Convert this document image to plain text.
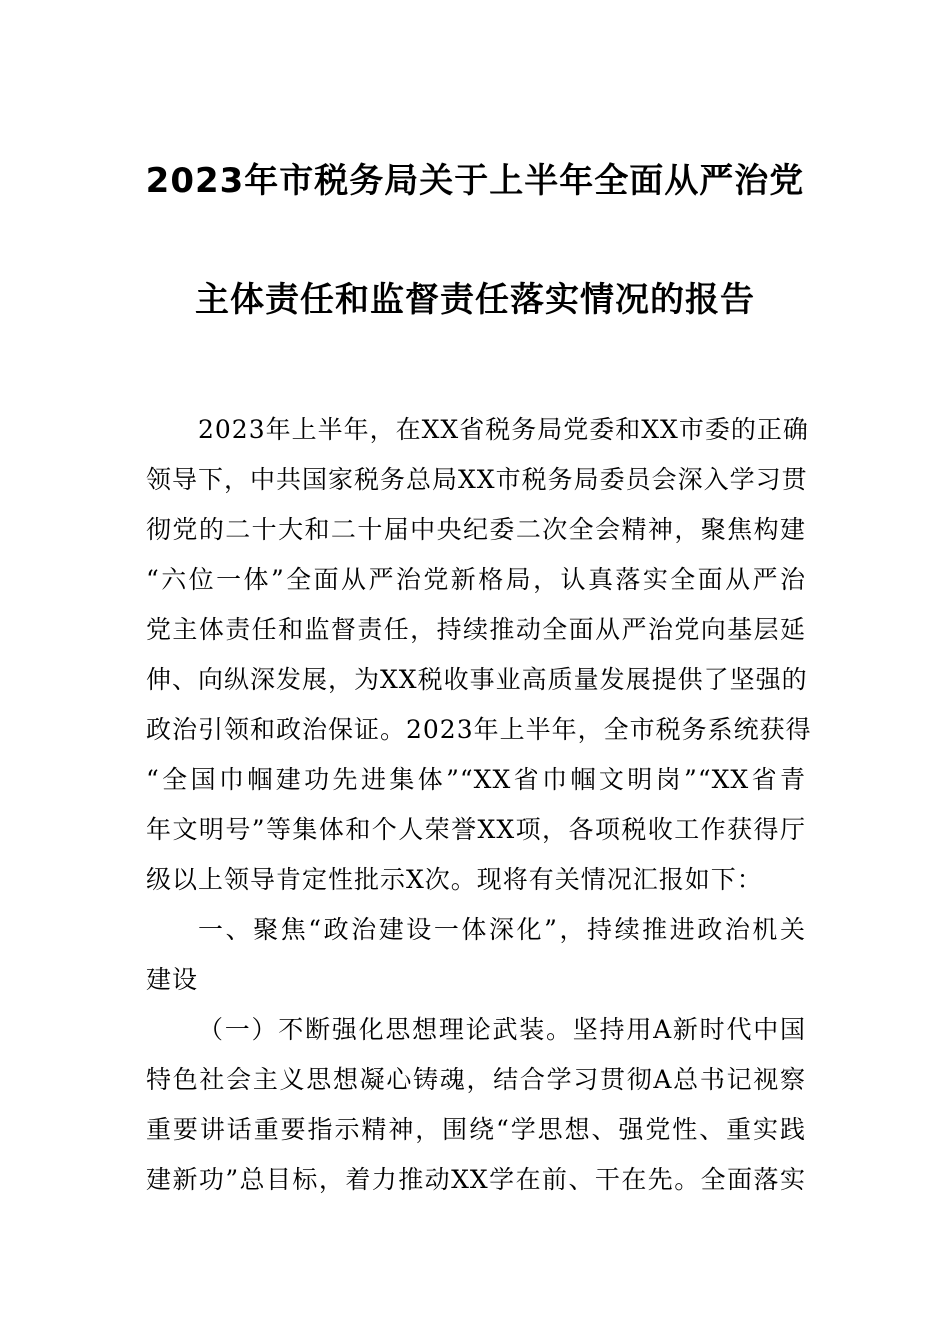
2023年市税务局关于上半年全面从严治党
主体责任和监督责任落实情况的报告
2023年上半年，在XX省税务局党委和XX市委的正确
领导下，中共国家税务总局XX市税务局委员会深入学习贯
彻党的二十大和二十届中央纪委二次全会精神，聚焦构建
“六位一体”全面从严治党新格局，认真落实全面从严治
党主体责任和监督责任，持续推动全面从严治党向基层延
伸、向纵深发展，为XX税收事业高质量发展提供了坚强的
政治引领和政治保证。2023年上半年，全市税务系统获得
“全国巾帼建功先进集体”“XX省巾帼文明岗”“XX省青
年文明号”等集体和个人荣誉XX项，各项税收工作获得厅
级以上领导肯定性批示X次。现将有关情况汇报如下：
一、聚焦“政治建设一体深化”，持续推进政治机关
建设
（一）不断强化思想理论武装。坚持用A新时代中国
特色社会主义思想凝心铸魂，结合学习贯彻A总书记视察
重要讲话重要指示精神，围绕“学思想、强党性、重实践
建新功”总目标，着力推动XX学在前、干在先。全面落实
